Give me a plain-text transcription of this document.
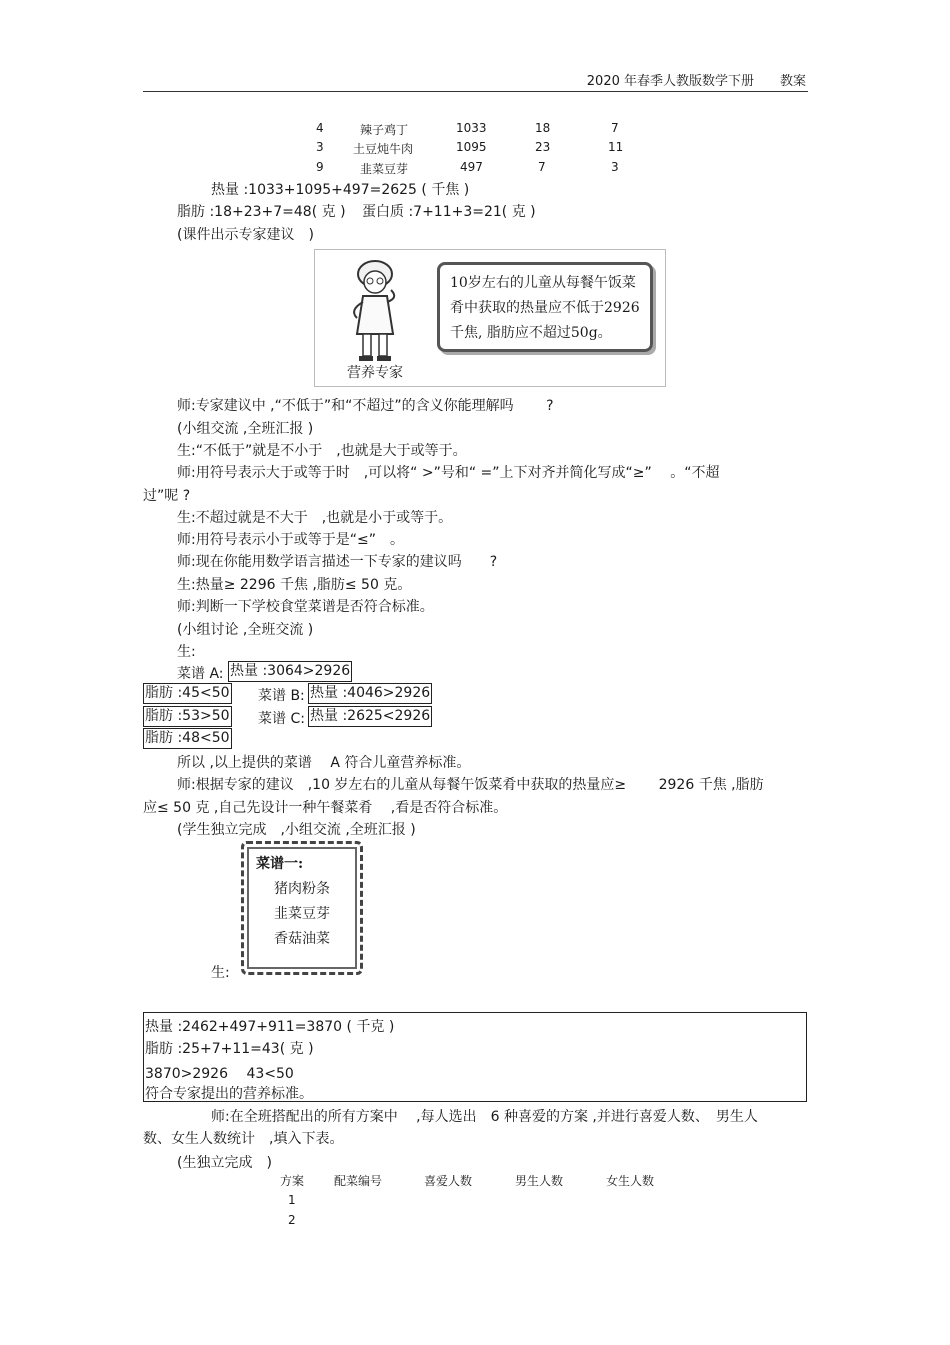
2020 年春季人教版数学下册　　教案
4	辣子鸡丁	1033	18	7
3 土豆炖牛肉	1095	23	11
9	韭菜豆芽	497	7	3
热量 :1033+1095+497=2625 ( 千焦 )
脂肪 :18+23+7=48( 克 ) 蛋白质 :7+11+3=21( 克 )
(课件出示专家建议　)
10岁左右的儿童从每餐午饭菜
肴中获取的热量应不低于2926
千焦, 脂肪应不超过50g。
营养专家
师:专家建议中 ,“不低于”和“不超过”的含义你能理解吗　　 ?
(小组交流 ,全班汇报 )
生:“不低于”就是不小于　,也就是大于或等于。
师:用符号表示大于或等于时　,可以将“ >”号和“ =”上下对齐并简化写成“≥”　 。“不超
过”呢 ?
生:不超过就是不大于　,也就是小于或等于。
师:用符号表示小于或等于是“≤”　。
师:现在你能用数学语言描述一下专家的建议吗　　?
生:热量≥ 2296 千焦 ,脂肪≤ 50 克。
师:判断一下学校食堂菜谱是否符合标准。
(小组讨论 ,全班交流 )
生:
菜谱 A: 热量 :3064>2926
脂肪 :45<50 菜谱 B: 热量 :4046>2926
脂肪 :53>50 菜谱 C: 热量 :2625<2926
脂肪 :48<50
所以 ,以上提供的菜谱　 A 符合儿童营养标准。
师:根据专家的建议　,10 岁左右的儿童从每餐午饭菜肴中获取的热量应≥　　 2926 千焦 ,脂肪
应≤ 50 克 ,自己先设计一种午餐菜肴　 ,看是否符合标准。
(学生独立完成　,小组交流 ,全班汇报 )
菜谱一:
猪肉粉条
韭菜豆芽
香菇油菜
生:
热量 :2462+497+911=3870 ( 千克 )
脂肪 :25+7+11=43( 克 )
3870>2926　 43<50
符合专家提出的营养标准。
师:在全班搭配出的所有方案中　 ,每人选出　6 种喜爱的方案 ,并进行喜爱人数、　男生人
数、女生人数统计　,填入下表。
(生独立完成　)
方案 配菜编号	喜爱人数	男生人数	女生人数
1
2
